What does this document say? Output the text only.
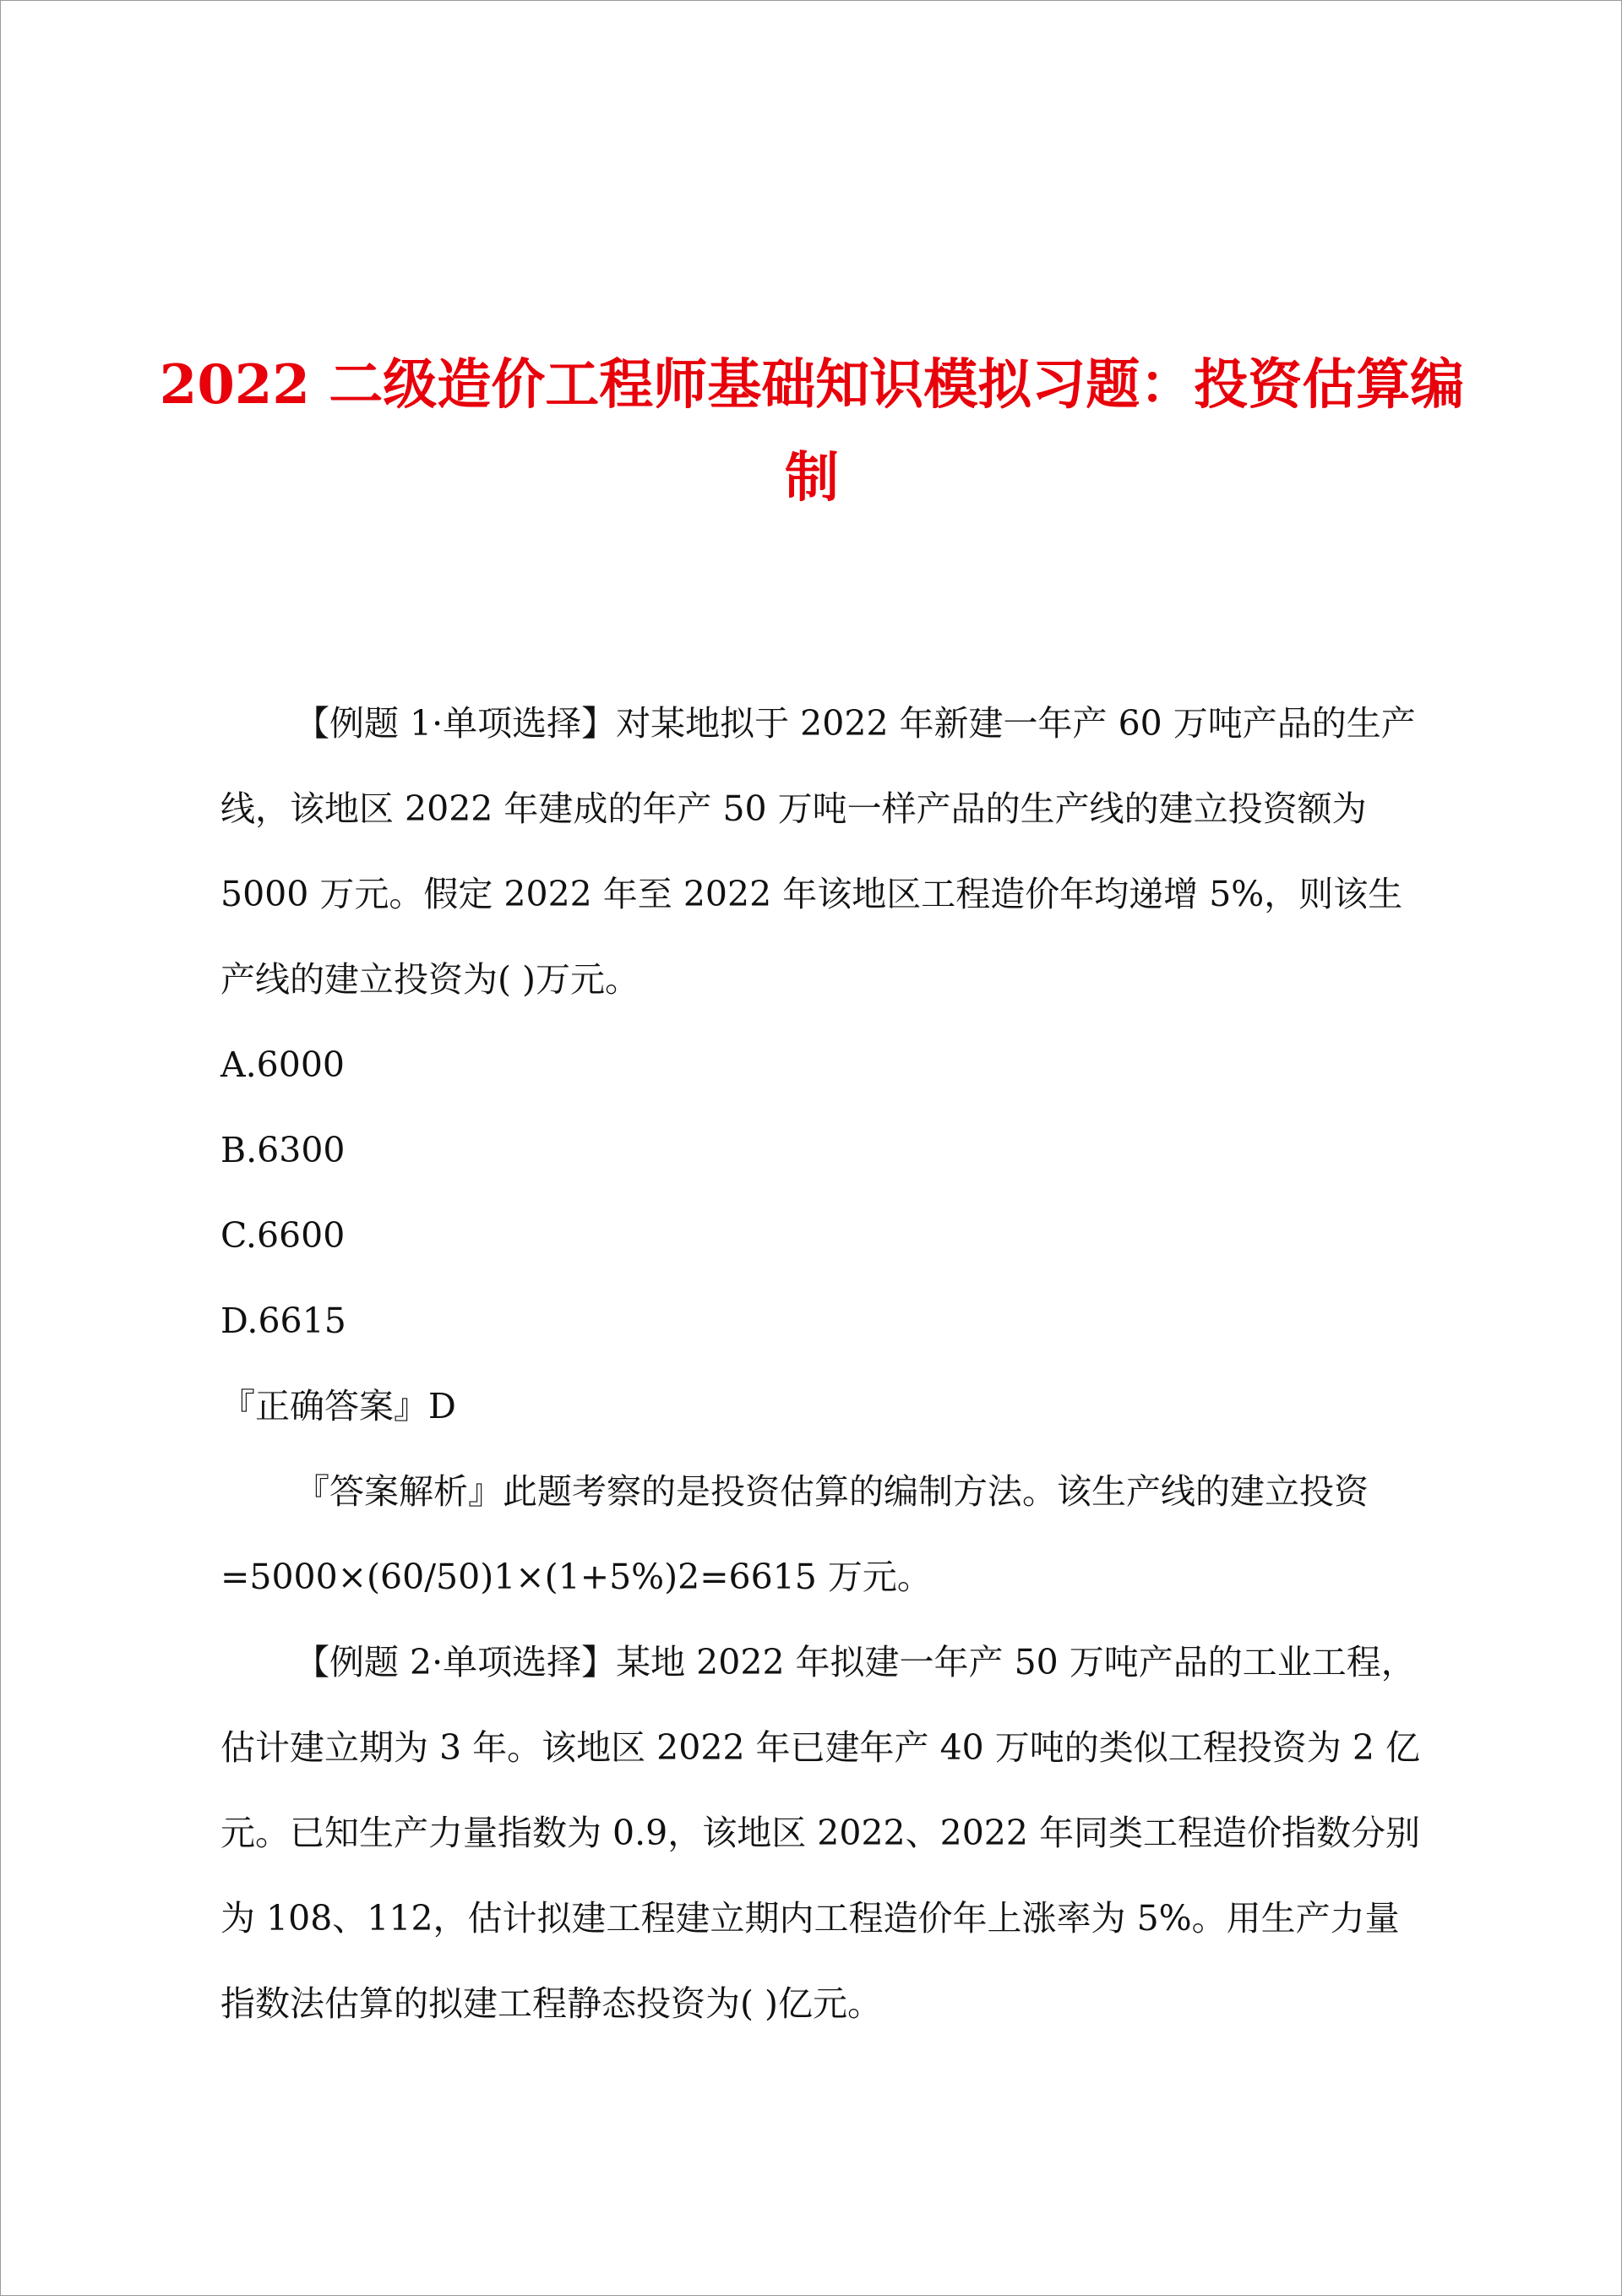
2022 二级造价工程师基础知识模拟习题：投资估算编制

【例题 1·单项选择】对某地拟于 2022 年新建一年产 60 万吨产品的生产线，该地区 2022 年建成的年产 50 万吨一样产品的生产线的建立投资额为 5000 万元。假定 2022 年至 2022 年该地区工程造价年均递增 5%，则该生产线的建立投资为( )万元。

A.6000

B.6300

C.6600

D.6615

『正确答案』D

『答案解析』此题考察的是投资估算的编制方法。该生产线的建立投资=5000×(60/50)1×(1+5%)2=6615 万元。

【例题 2·单项选择】某地 2022 年拟建一年产 50 万吨产品的工业工程，估计建立期为 3 年。该地区 2022 年已建年产 40 万吨的类似工程投资为 2 亿元。已知生产力量指数为 0.9，该地区 2022、2022 年同类工程造价指数分别为 108、112，估计拟建工程建立期内工程造价年上涨率为 5%。用生产力量指数法估算的拟建工程静态投资为( )亿元。
